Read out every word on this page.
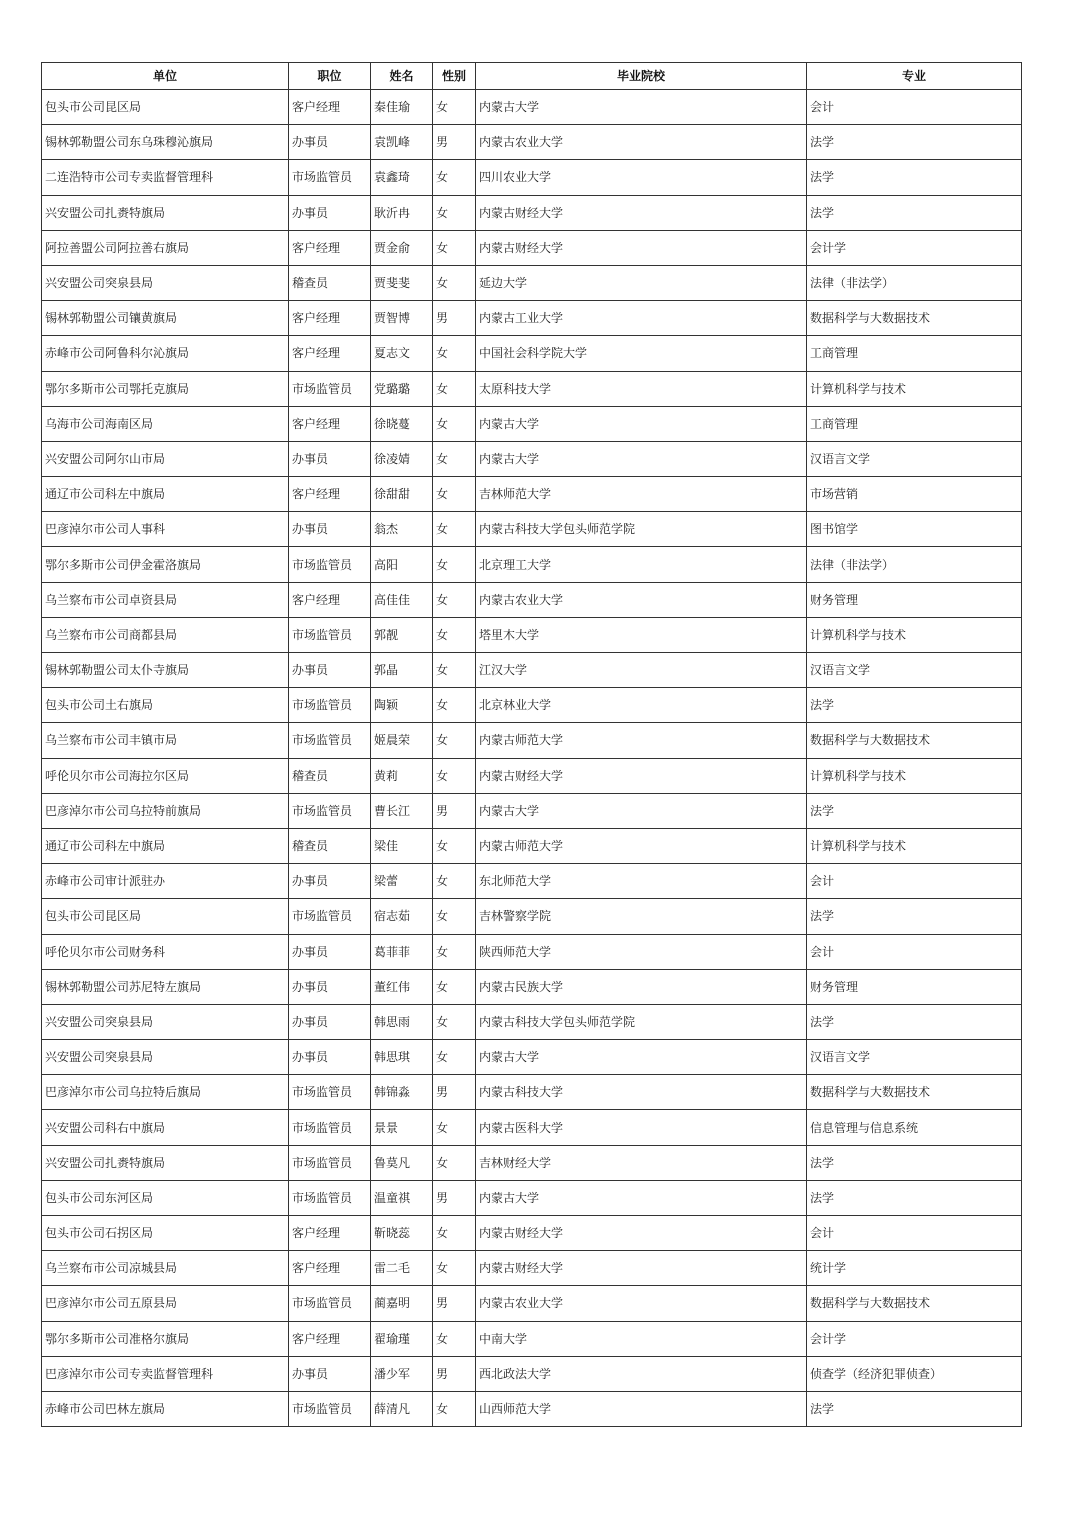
单位	职位	姓名	性别	毕业院校	专业
包头市公司昆区局	客户经理	秦佳瑜	女	内蒙古大学	会计
锡林郭勒盟公司东乌珠穆沁旗局	办事员	袁凯峰	男	内蒙古农业大学	法学
二连浩特市公司专卖监督管理科	市场监管员	袁鑫琦	女	四川农业大学	法学
兴安盟公司扎赉特旗局	办事员	耿沂冉	女	内蒙古财经大学	法学
阿拉善盟公司阿拉善右旗局	客户经理	贾金俞	女	内蒙古财经大学	会计学
兴安盟公司突泉县局	稽查员	贾斐斐	女	延边大学	法律（非法学）
锡林郭勒盟公司镶黄旗局	客户经理	贾智博	男	内蒙古工业大学	数据科学与大数据技术
赤峰市公司阿鲁科尔沁旗局	客户经理	夏志文	女	中国社会科学院大学	工商管理
鄂尔多斯市公司鄂托克旗局	市场监管员	党璐璐	女	太原科技大学	计算机科学与技术
乌海市公司海南区局	客户经理	徐晓蔓	女	内蒙古大学	工商管理
兴安盟公司阿尔山市局	办事员	徐凌婧	女	内蒙古大学	汉语言文学
通辽市公司科左中旗局	客户经理	徐甜甜	女	吉林师范大学	市场营销
巴彦淖尔市公司人事科	办事员	翁杰	女	内蒙古科技大学包头师范学院	图书馆学
鄂尔多斯市公司伊金霍洛旗局	市场监管员	高阳	女	北京理工大学	法律（非法学）
乌兰察布市公司卓资县局	客户经理	高佳佳	女	内蒙古农业大学	财务管理
乌兰察布市公司商都县局	市场监管员	郭靓	女	塔里木大学	计算机科学与技术
锡林郭勒盟公司太仆寺旗局	办事员	郭晶	女	江汉大学	汉语言文学
包头市公司土右旗局	市场监管员	陶颖	女	北京林业大学	法学
乌兰察布市公司丰镇市局	市场监管员	姬晨荣	女	内蒙古师范大学	数据科学与大数据技术
呼伦贝尔市公司海拉尔区局	稽查员	黄莉	女	内蒙古财经大学	计算机科学与技术
巴彦淖尔市公司乌拉特前旗局	市场监管员	曹长江	男	内蒙古大学	法学
通辽市公司科左中旗局	稽查员	梁佳	女	内蒙古师范大学	计算机科学与技术
赤峰市公司审计派驻办	办事员	梁蕾	女	东北师范大学	会计
包头市公司昆区局	市场监管员	宿志茹	女	吉林警察学院	法学
呼伦贝尔市公司财务科	办事员	葛菲菲	女	陕西师范大学	会计
锡林郭勒盟公司苏尼特左旗局	办事员	董红伟	女	内蒙古民族大学	财务管理
兴安盟公司突泉县局	办事员	韩思雨	女	内蒙古科技大学包头师范学院	法学
兴安盟公司突泉县局	办事员	韩思琪	女	内蒙古大学	汉语言文学
巴彦淖尔市公司乌拉特后旗局	市场监管员	韩锦淼	男	内蒙古科技大学	数据科学与大数据技术
兴安盟公司科右中旗局	市场监管员	景景	女	内蒙古医科大学	信息管理与信息系统
兴安盟公司扎赉特旗局	市场监管员	鲁莫凡	女	吉林财经大学	法学
包头市公司东河区局	市场监管员	温童祺	男	内蒙古大学	法学
包头市公司石拐区局	客户经理	靳晓蕊	女	内蒙古财经大学	会计
乌兰察布市公司凉城县局	客户经理	雷二毛	女	内蒙古财经大学	统计学
巴彦淖尔市公司五原县局	市场监管员	蔺嘉明	男	内蒙古农业大学	数据科学与大数据技术
鄂尔多斯市公司准格尔旗局	客户经理	翟瑜瑾	女	中南大学	会计学
巴彦淖尔市公司专卖监督管理科	办事员	潘少军	男	西北政法大学	侦查学（经济犯罪侦查）
赤峰市公司巴林左旗局	市场监管员	薛清凡	女	山西师范大学	法学
